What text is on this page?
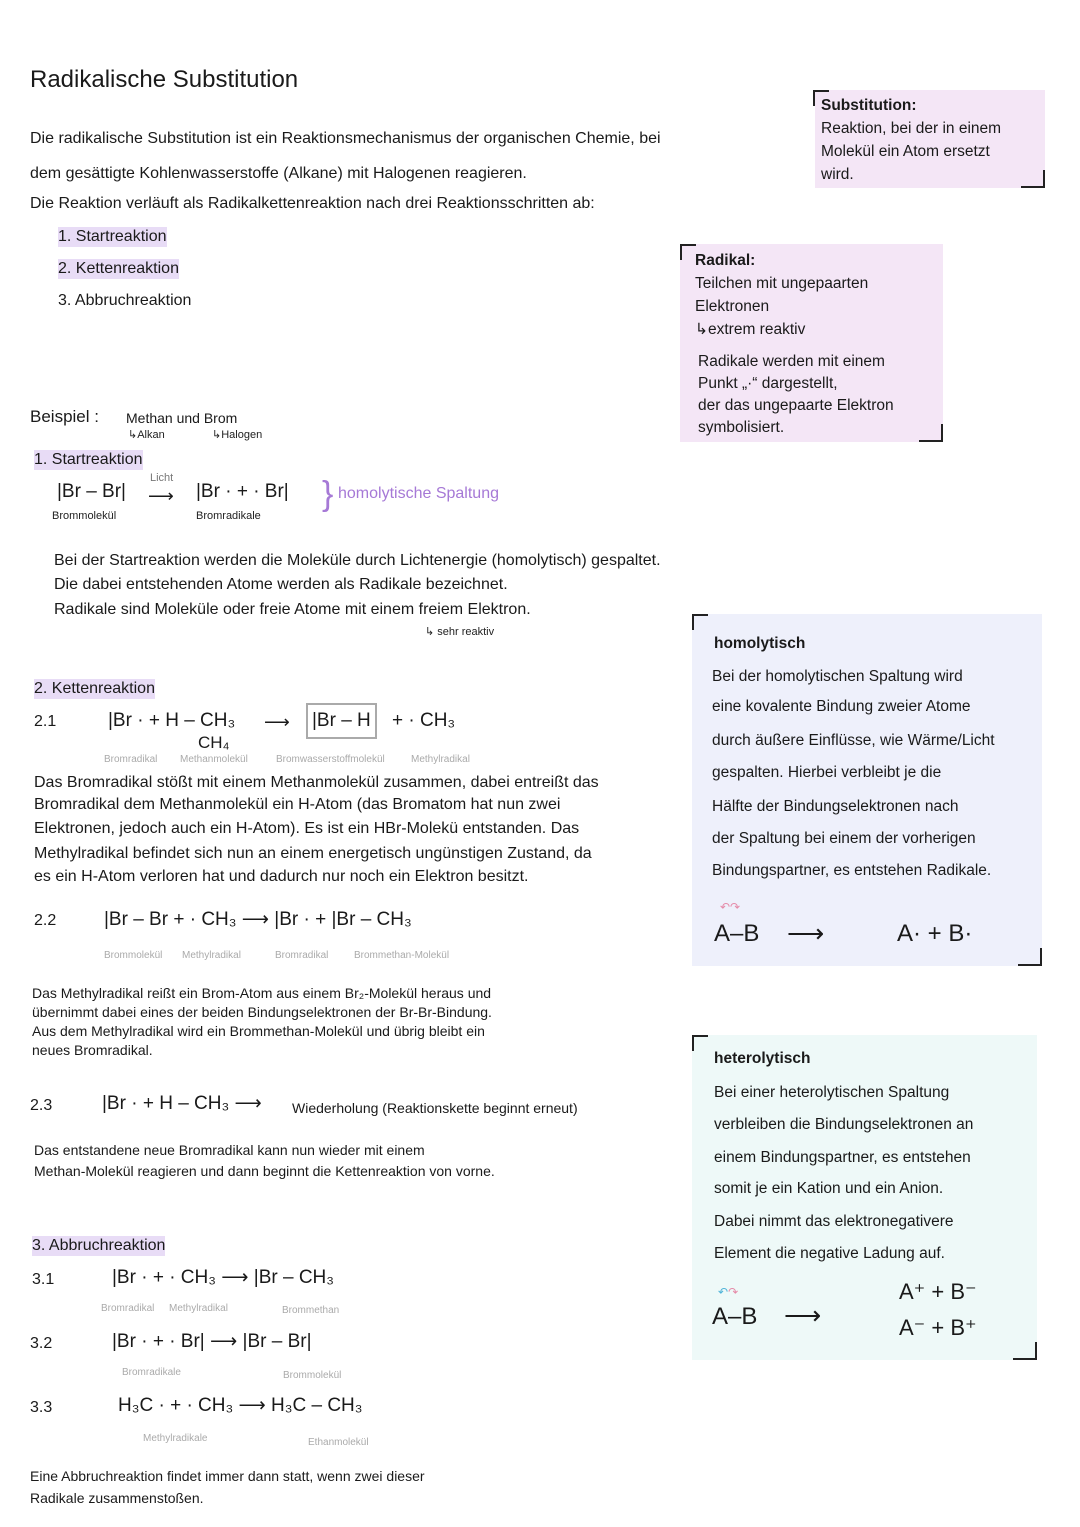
Radikalische Substitution
Die radikalische Substitution ist ein Reaktionsmechanismus der organischen Chemie, bei
dem gesättigte Kohlenwasserstoffe (Alkane) mit Halogenen reagieren.
Die Reaktion verläuft als Radikalkettenreaktion nach drei Reaktionsschritten ab:
1. Startreaktion
2. Kettenreaktion
3. Abbruchreaktion
Substitution:
Reaktion, bei der in einem
Molekül ein Atom ersetzt
wird.
Radikal:
Teilchen mit ungepaarten
Elektronen
↳extrem reaktiv
Radikale werden mit einem
Punkt „·“ dargestellt,
der das ungepaarte Elektron
symbolisiert.
Beispiel : Methan und Brom
↳Alkan	↳Halogen
1. Startreaktion
|Br – Br|
Licht
⟶ |Br · + · Br|
Brommolekül	Bromradikale
} homolytische Spaltung
Bei der Startreaktion werden die Moleküle durch Lichtenergie (homolytisch) gespaltet.
Die dabei entstehenden Atome werden als Radikale bezeichnet.
Radikale sind Moleküle oder freie Atome mit einem freiem Elektron.
↳ sehr reaktiv
homolytisch
Bei der homolytischen Spaltung wird
eine kovalente Bindung zweier Atome
durch äußere Einflüsse, wie Wärme/Licht
gespalten. Hierbei verbleibt je die
Hälfte der Bindungselektronen nach
der Spaltung bei einem der vorherigen
Bindungspartner, es entstehen Radikale.
↶↷
A–B ⟶	A· + B·
2. Kettenreaktion
2.1	|Br · + H – CH₃
CH₄
⟶	|Br – H	+ · CH₃
Bromradikal Methanmolekül	Bromwasserstoffmolekül	Methylradikal
Das Bromradikal stößt mit einem Methanmolekül zusammen, dabei entreißt das
Bromradikal dem Methanmolekül ein H-Atom (das Bromatom hat nun zwei
Elektronen, jedoch auch ein H-Atom). Es ist ein HBr-Molekü entstanden. Das
Methylradikal befindet sich nun an einem energetisch ungünstigen Zustand, da
es ein H-Atom verloren hat und dadurch nur noch ein Elektron besitzt.
2.2	|Br – Br + · CH₃ ⟶ |Br · + |Br – CH₃
Brommolekül Methylradikal	Bromradikal	Brommethan-Molekül
Das Methylradikal reißt ein Brom-Atom aus einem Br₂-Molekül heraus und
übernimmt dabei eines der beiden Bindungselektronen der Br-Br-Bindung.
Aus dem Methylradikal wird ein Brommethan-Molekül und übrig bleibt ein
neues Bromradikal.
2.3	|Br · + H – CH₃ ⟶ Wiederholung (Reaktionskette beginnt erneut)
Das entstandene neue Bromradikal kann nun wieder mit einem
Methan-Molekül reagieren und dann beginnt die Kettenreaktion von vorne.
heterolytisch
Bei einer heterolytischen Spaltung
verbleiben die Bindungselektronen an
einem Bindungspartner, es entstehen
somit je ein Kation und ein Anion.
Dabei nimmt das elektronegativere
Element die negative Ladung auf.
↶↷
A–B ⟶
A⁺ + B⁻
A⁻ + B⁺
3. Abbruchreaktion
3.1	|Br · + · CH₃ ⟶ |Br – CH₃
Bromradikal Methylradikal	Brommethan
3.2	|Br · + · Br| ⟶ |Br – Br|
Bromradikale	Brommolekül
3.3	H₃C · + · CH₃ ⟶ H₃C – CH₃
Methylradikale	Ethanmolekül
Eine Abbruchreaktion findet immer dann statt, wenn zwei dieser
Radikale zusammenstoßen.
